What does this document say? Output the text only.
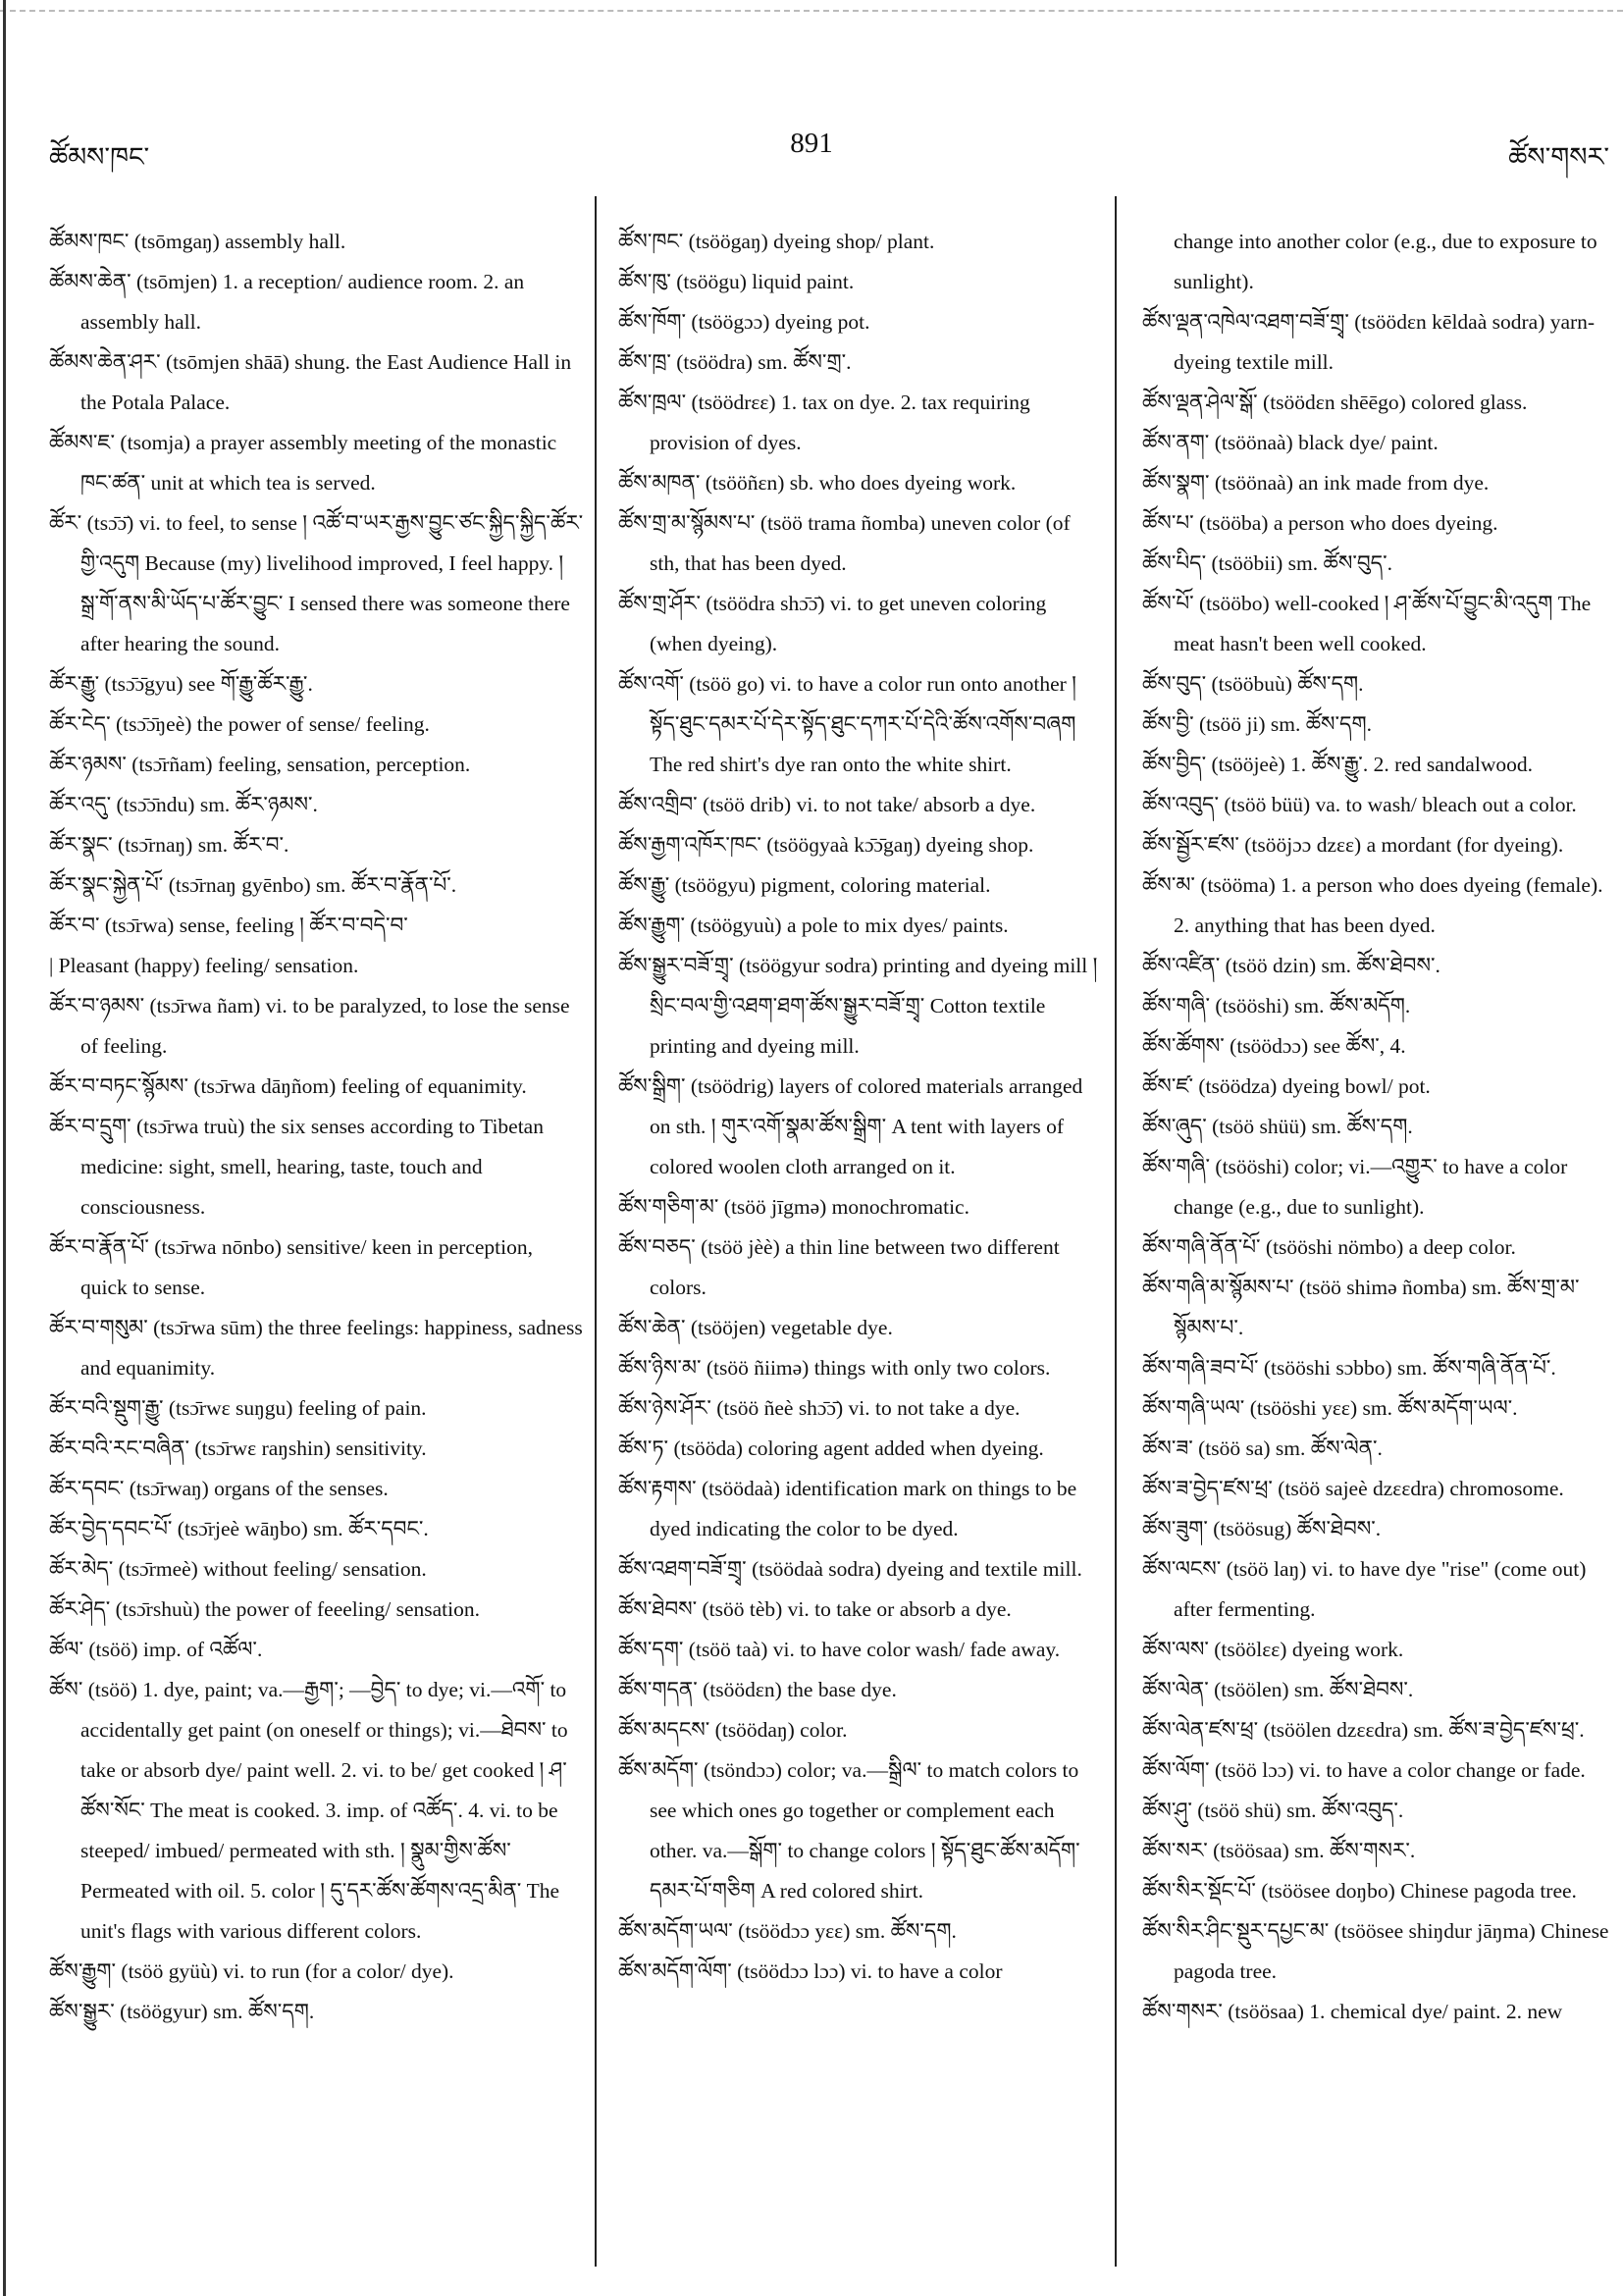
891
ཚོམས་ཁང་	ཚོས་གསར་

ཚོམས་ཁང་ (tsōmgaŋ) assembly hall.

ཚོམས་ཆེན་ (tsōmjen) 1. a reception/ audience room. 2. an assembly hall.

ཚོམས་ཆེན་ཤར་ (tsōmjen shāā) shung. the East Audience Hall in the Potala Palace.

ཚོམས་ཇ་ (tsomja) a prayer assembly meeting of the monastic ཁང་ཚན་ unit at which tea is served.

ཚོར་ (tsɔ̄ɔ̄) vi. to feel, to sense ། འཚོ་བ་ཡར་རྒྱས་བྱུང་ཙང་སྐྱིད་སྐྱིད་ཚོར་གྱི་འདུག Because (my) livelihood improved, I feel happy. ། སྒྲ་གོ་ནས་མི་ཡོད་པ་ཚོར་བྱུང་ I sensed there was someone there after hearing the sound.

ཚོར་རྒྱུ་ (tsɔ̄ɔ̄gyu) see གོ་རྒྱུ་ཚོར་རྒྱུ་.

ཚོར་ངེད་ (tsɔ̄ɔ̄ŋeè) the power of sense/ feeling.

ཚོར་ཉམས་ (tsɔ̄rñam) feeling, sensation, perception.

ཚོར་འདུ་ (tsɔ̄ɔ̄ndu) sm. ཚོར་ཉམས་.

ཚོར་སྣང་ (tsɔ̄rnaŋ) sm. ཚོར་བ་.

ཚོར་སྣང་སྐྱེན་པོ་ (tsɔ̄rnaŋ gyēnbo) sm. ཚོར་བ་རྣོན་པོ་.

ཚོར་བ་ (tsɔ̄rwa) sense, feeling ། ཚོར་བ་བདེ་བ་

| Pleasant (happy) feeling/ sensation.

ཚོར་བ་ཉམས་ (tsɔ̄rwa ñam) vi. to be paralyzed, to lose the sense of feeling.

ཚོར་བ་བཏང་སྙོམས་ (tsɔ̄rwa dāŋñom) feeling of equanimity.

ཚོར་བ་དྲུག་ (tsɔ̄rwa truù) the six senses according to Tibetan medicine: sight, smell, hearing, taste, touch and consciousness.

ཚོར་བ་རྣོན་པོ་ (tsɔ̄rwa nōnbo) sensitive/ keen in perception, quick to sense.

ཚོར་བ་གསུམ་ (tsɔ̄rwa sūm) the three feelings: happiness, sadness and equanimity.

ཚོར་བའི་སྡུག་རྒྱུ་ (tsɔ̄rwɛ suŋgu) feeling of pain.

ཚོར་བའི་རང་བཞིན་ (tsɔ̄rwɛ raŋshin) sensitivity.

ཚོར་དབང་ (tsɔ̄rwaŋ) organs of the senses.

ཚོར་བྱེད་དབང་པོ་ (tsɔ̄rjeè wāŋbo) sm. ཚོར་དབང་.

ཚོར་མེད་ (tsɔ̄rmeè) without feeling/ sensation.

ཚོར་ཤེད་ (tsɔ̄rshuù) the power of feeeling/ sensation.

ཚོལ་ (tsöö) imp. of འཚོལ་.

ཚོས་ (tsöö) 1. dye, paint; va.—རྒྱག་; —བྱེད་ to dye; vi.—འགོ་ to accidentally get paint (on oneself or things); vi.—ཐེབས་ to take or absorb dye/ paint well. 2. vi. to be/ get cooked ། ཤ་ཚོས་སོང་ The meat is cooked. 3. imp. of འཚོད་. 4. vi. to be steeped/ imbued/ permeated with sth. ། སྣུམ་གྱིས་ཚོས་ Permeated with oil. 5. color ། དུ་དར་ཚོས་ཚོགས་འདྲ་མིན་ The unit's flags with various different colors.

ཚོས་རྒྱུག་ (tsöö gyüù) vi. to run (for a color/ dye).

ཚོས་སྒྱུར་ (tsöögyur) sm. ཚོས་དག.

ཚོས་ཁང་ (tsöögaŋ) dyeing shop/ plant.

ཚོས་ཁུ་ (tsöögu) liquid paint.

ཚོས་ཁོག་ (tsöögɔɔ) dyeing pot.

ཚོས་ཁྲ་ (tsöödra) sm. ཚོས་གྲ་.

ཚོས་ཁྲལ་ (tsöödrɛɛ) 1. tax on dye. 2. tax requiring provision of dyes.

ཚོས་མཁན་ (tsööñɛn) sb. who does dyeing work.

ཚོས་གྲ་མ་སྙོམས་པ་ (tsöö trama ñomba) uneven color (of sth, that has been dyed.

ཚོས་གྲ་ཤོར་ (tsöödra shɔ̄ɔ̄) vi. to get uneven coloring (when dyeing).

ཚོས་འགོ་ (tsöö go) vi. to have a color run onto another ། སྟོད་ཐུང་དམར་པོ་དེར་སྟོད་ཐུང་དཀར་པོ་དེའི་ཚོས་འགོས་བཞག The red shirt's dye ran onto the white shirt.

ཚོས་འགྲིབ་ (tsöö drib) vi. to not take/ absorb a dye.

ཚོས་རྒྱག་འཁོར་ཁང་ (tsööɡyaà kɔ̄ɔ̄gaŋ) dyeing shop.

ཚོས་རྒྱུ་ (tsöögyu) pigment, coloring material.

ཚོས་རྒྱུག་ (tsöögyuù) a pole to mix dyes/ paints.

ཚོས་སྒྱུར་བཟོ་གྲྭ་ (tsöögyur sodra) printing and dyeing mill ། སྲིང་བལ་གྱི་འཐག་ཐག་ཚོས་སྒྱུར་བཟོ་གྲྭ་ Cotton textile printing and dyeing mill.

ཚོས་སྒྲིག་ (tsöödrig) layers of colored materials arranged on sth. ། གུར་འགོ་སྣམ་ཚོས་སྒྲིག་ A tent with layers of colored woolen cloth arranged on it.

ཚོས་གཅིག་མ་ (tsöö jīgmə) monochromatic.

ཚོས་བཅད་ (tsöö jèè) a thin line between two different colors.

ཚོས་ཆེན་ (tsööjen) vegetable dye.

ཚོས་ཉིས་མ་ (tsöö ñiimə) things with only two colors.

ཚོས་ཉེས་ཤོར་ (tsöö ñeè shɔ̄ɔ̄) vi. to not take a dye.

ཚོས་ཏ་ (tsööda) coloring agent added when dyeing.

ཚོས་རྟགས་ (tsöödaà) identification mark on things to be dyed indicating the color to be dyed.

ཚོས་འཐག་བཟོ་གྲྭ་ (tsöödaà sodra) dyeing and textile mill.

ཚོས་ཐེབས་ (tsöö tèb) vi. to take or absorb a dye.

ཚོས་དག་ (tsöö taà) vi. to have color wash/ fade away.

ཚོས་གདན་ (tsöödɛn) the base dye.

ཚོས་མདངས་ (tsöödaŋ) color.

ཚོས་མདོག་ (tsöndɔɔ) color; va.—སྒྲིལ་ to match colors to see which ones go together or complement each other. va.—སྒོག་ to change colors ། སྟོད་ཐུང་ཚོས་མདོག་དམར་པོ་གཅིག A red colored shirt.

ཚོས་མདོག་ཡལ་ (tsöödɔɔ yɛɛ) sm. ཚོས་དག.

ཚོས་མདོག་ལོག་ (tsöödɔɔ lɔɔ) vi. to have a color

change into another color (e.g., due to exposure to sunlight).

ཚོས་ལྡན་འཁེལ་འཐག་བཟོ་གྲྭ་ (tsöödɛn kēldaà sodra) yarn-dyeing textile mill.

ཚོས་ལྡན་ཤེལ་སྒོ་ (tsöödɛn shēēgo) colored glass.

ཚོས་ནག་ (tsöönaà) black dye/ paint.

ཚོས་སྣག་ (tsöönaà) an ink made from dye.

ཚོས་པ་ (tsööba) a person who does dyeing.

ཚོས་པིད་ (tsööbii) sm. ཚོས་བུད་.

ཚོས་པོ་ (tsööbo) well-cooked ། ཤ་ཚོས་པོ་བྱུང་མི་འདུག The meat hasn't been well cooked.

ཚོས་བུད་ (tsööbuù) ཚོས་དག.

ཚོས་བྱི་ (tsöö ji) sm. ཚོས་དག.

ཚོས་བྱིད་ (tsööjeè) 1. ཚོས་རྒྱུ་. 2. red sandalwood.

ཚོས་འབུད་ (tsöö büü) va. to wash/ bleach out a color.

ཚོས་སྦྱོར་ཛས་ (tsööjɔɔ dzɛɛ) a mordant (for dyeing).

ཚོས་མ་ (tsööma) 1. a person who does dyeing (female). 2. anything that has been dyed.

ཚོས་འཛིན་ (tsöö dzin) sm. ཚོས་ཐེབས་.

ཚོས་གཞི་ (tsööshi) sm. ཚོས་མདོག.

ཚོས་ཚོགས་ (tsöödɔɔ) see ཚོས་, 4.

ཚོས་ཛ་ (tsöödza) dyeing bowl/ pot.

ཚོས་ཞུད་ (tsöö shüü) sm. ཚོས་དག.

ཚོས་གཞི་ (tsööshi) color; vi.—འགྱུར་ to have a color change (e.g., due to sunlight).

ཚོས་གཞི་ནོན་པོ་ (tsööshi nömbo) a deep color.

ཚོས་གཞི་མ་སྙོམས་པ་ (tsöö shimə ñomba) sm. ཚོས་གྲ་མ་སྙོམས་པ་.

ཚོས་གཞི་ཟབ་པོ་ (tsööshi sɔbbo) sm. ཚོས་གཞི་ནོན་པོ་.

ཚོས་གཞི་ཡལ་ (tsööshi yɛɛ) sm. ཚོས་མདོག་ཡལ་.

ཚོས་ཟ་ (tsöö sa) sm. ཚོས་ལེན་.

ཚོས་ཟ་བྱེད་ཛས་ཕྲ་ (tsöö sajeè dzɛɛdra) chromosome.

ཚོས་ཟུག་ (tsöösug) ཚོས་ཐེབས་.

ཚོས་ལངས་ (tsöö laŋ) vi. to have dye "rise" (come out) after fermenting.

ཚོས་ལས་ (tsöölɛɛ) dyeing work.

ཚོས་ལེན་ (tsöölen) sm. ཚོས་ཐེབས་.

ཚོས་ལེན་ཛས་ཕྲ་ (tsöölen dzɛɛdra) sm. ཚོས་ཟ་བྱེད་ཛས་ཕྲ་.

ཚོས་ལོག་ (tsöö lɔɔ) vi. to have a color change or fade.

ཚོས་ཤུ་ (tsöö shü) sm. ཚོས་འབུད་.

ཚོས་སར་ (tsöösaa) sm. ཚོས་གསར་.

ཚོས་སིར་སྡོང་པོ་ (tsöösee doŋbo) Chinese pagoda tree.

ཚོས་སིར་ཤིང་སྡུར་དཔྱང་མ་ (tsöösee shiŋdur jāŋma) Chinese pagoda tree.

ཚོས་གསར་ (tsöösaa) 1. chemical dye/ paint. 2. new
